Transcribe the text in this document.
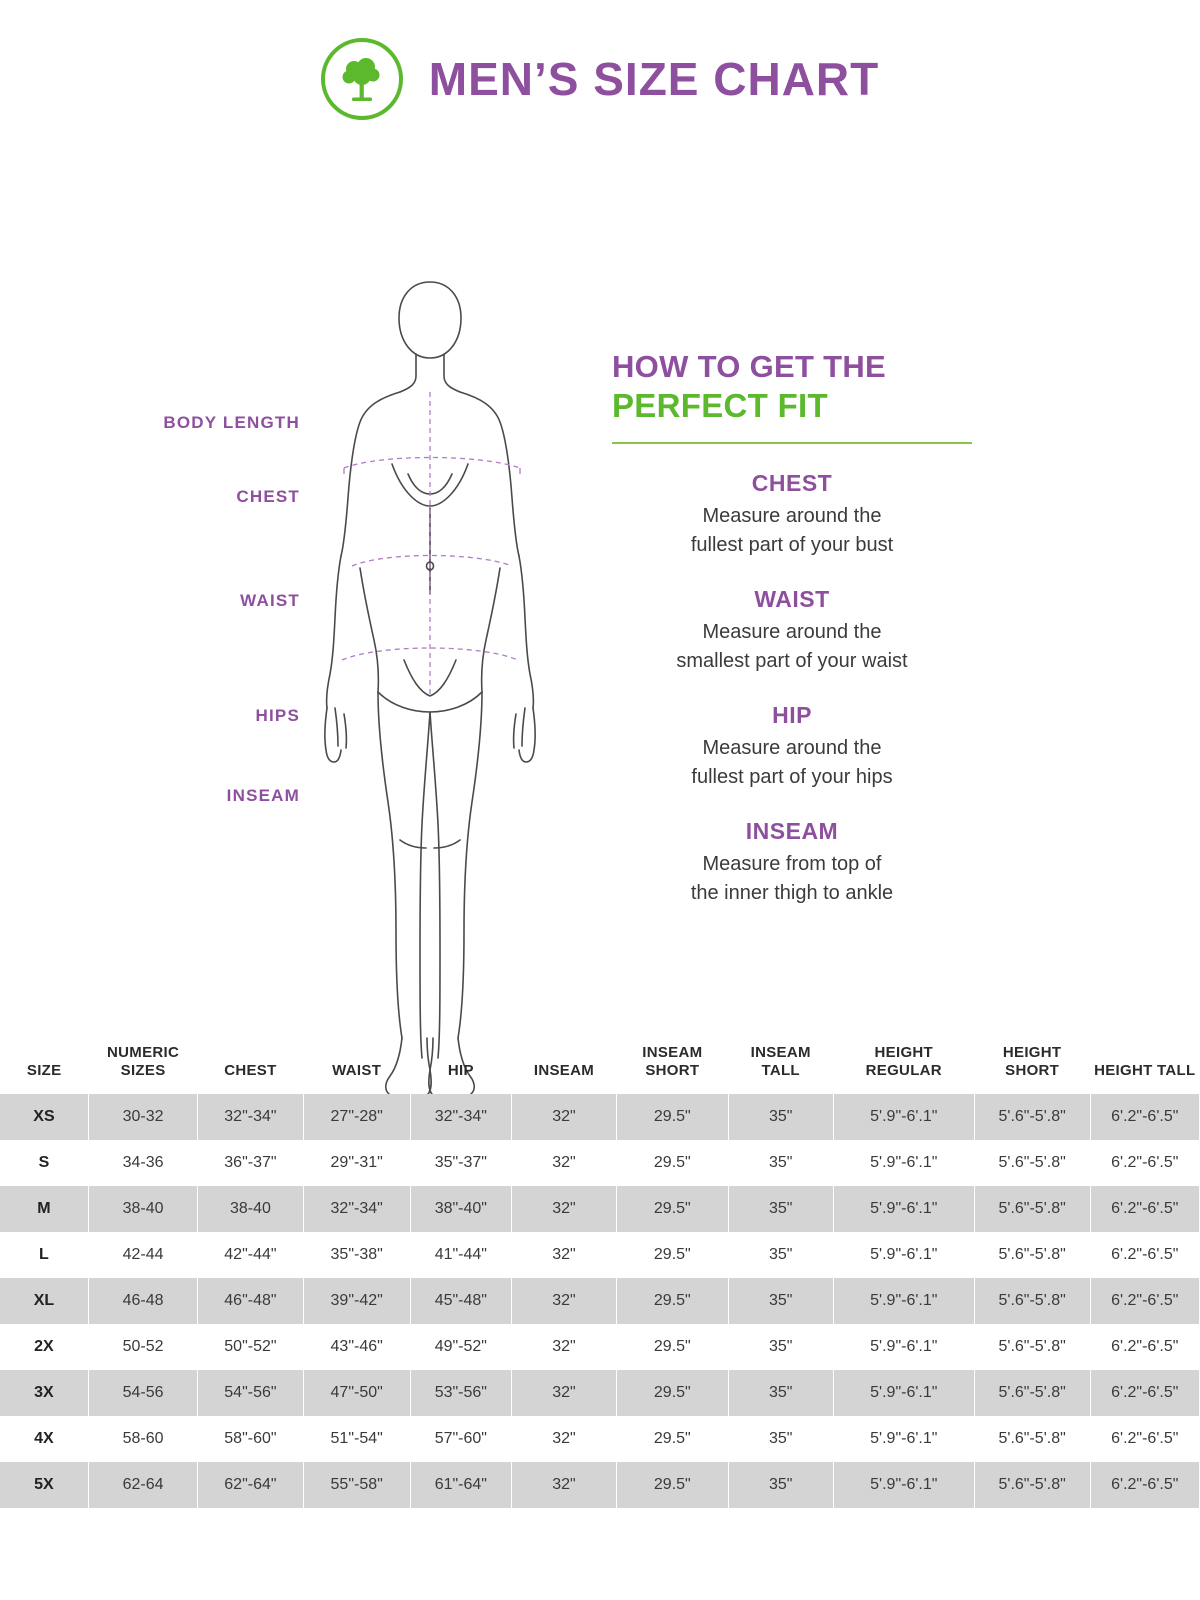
MEN’S SIZE CHART
BODY LENGTH
CHEST
WAIST
HIPS
INSEAM
HOW TO GET THE
PERFECT FIT
CHEST
Measure around the
fullest part of your bust
WAIST
Measure around the
smallest part of your waist
HIP
Measure around the
fullest part of your hips
INSEAM
Measure from top of
the inner thigh to ankle
SIZE	NUMERIC SIZES	CHEST	WAIST	HIP	INSEAM	INSEAM SHORT	INSEAM TALL	HEIGHT REGULAR	HEIGHT SHORT	HEIGHT TALL
XS	30-32	32"-34"	27"-28"	32"-34"	32"	29.5"	35"	5'.9"-6'.1"	5'.6"-5'.8"	6'.2"-6'.5"
S	34-36	36"-37"	29"-31"	35"-37"	32"	29.5"	35"	5'.9"-6'.1"	5'.6"-5'.8"	6'.2"-6'.5"
M	38-40	38-40	32"-34"	38"-40"	32"	29.5"	35"	5'.9"-6'.1"	5'.6"-5'.8"	6'.2"-6'.5"
L	42-44	42"-44"	35"-38"	41"-44"	32"	29.5"	35"	5'.9"-6'.1"	5'.6"-5'.8"	6'.2"-6'.5"
XL	46-48	46"-48"	39"-42"	45"-48"	32"	29.5"	35"	5'.9"-6'.1"	5'.6"-5'.8"	6'.2"-6'.5"
2X	50-52	50"-52"	43"-46"	49"-52"	32"	29.5"	35"	5'.9"-6'.1"	5'.6"-5'.8"	6'.2"-6'.5"
3X	54-56	54"-56"	47"-50"	53"-56"	32"	29.5"	35"	5'.9"-6'.1"	5'.6"-5'.8"	6'.2"-6'.5"
4X	58-60	58"-60"	51"-54"	57"-60"	32"	29.5"	35"	5'.9"-6'.1"	5'.6"-5'.8"	6'.2"-6'.5"
5X	62-64	62"-64"	55"-58"	61"-64"	32"	29.5"	35"	5'.9"-6'.1"	5'.6"-5'.8"	6'.2"-6'.5"
